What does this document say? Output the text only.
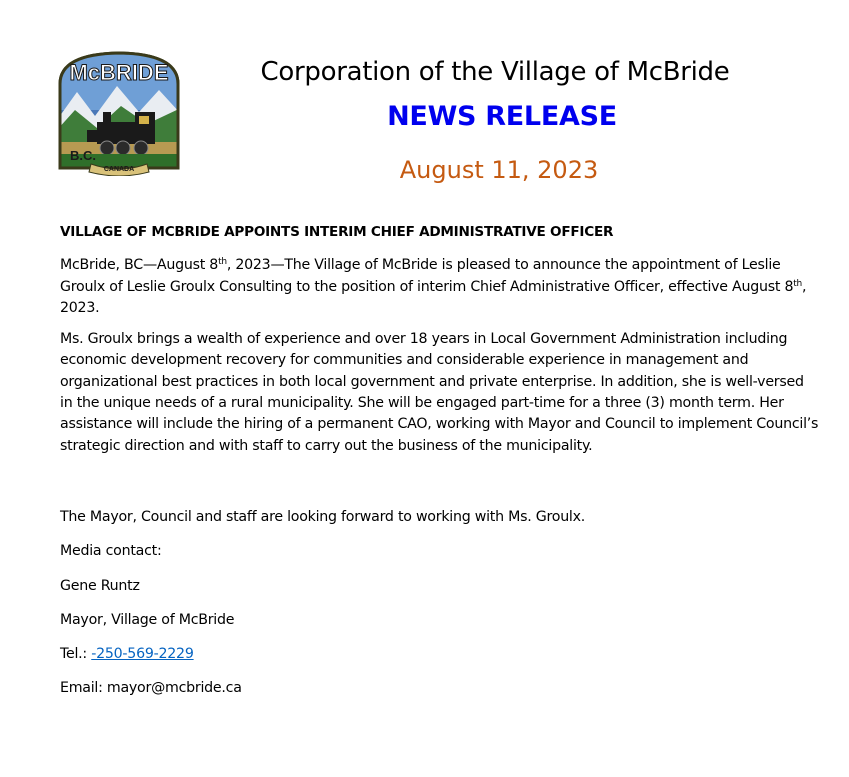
McBRIDE
B.C.
CANADA
Corporation of the Village of McBride
NEWS RELEASE
August 11, 2023
VILLAGE OF MCBRIDE APPOINTS INTERIM CHIEF ADMINISTRATIVE OFFICER
McBride, BC—August 8th, 2023—The Village of McBride is pleased to announce the appointment of Leslie Groulx of Leslie Groulx Consulting to the position of interim Chief Administrative Officer, effective August 8th, 2023.
Ms. Groulx brings a wealth of experience and over 18 years in Local Government Administration including economic development recovery for communities and considerable experience in management and organizational best practices in both local government and private enterprise. In addition, she is well-versed in the unique needs of a rural municipality. She will be engaged part-time for a three (3) month term. Her assistance will include the hiring of a permanent CAO, working with Mayor and Council to implement Council’s strategic direction and with staff to carry out the business of the municipality.
The Mayor, Council and staff are looking forward to working with Ms. Groulx.
Media contact:
Gene Runtz
Mayor, Village of McBride
Tel.: -250-569-2229
Email: mayor@mcbride.ca
